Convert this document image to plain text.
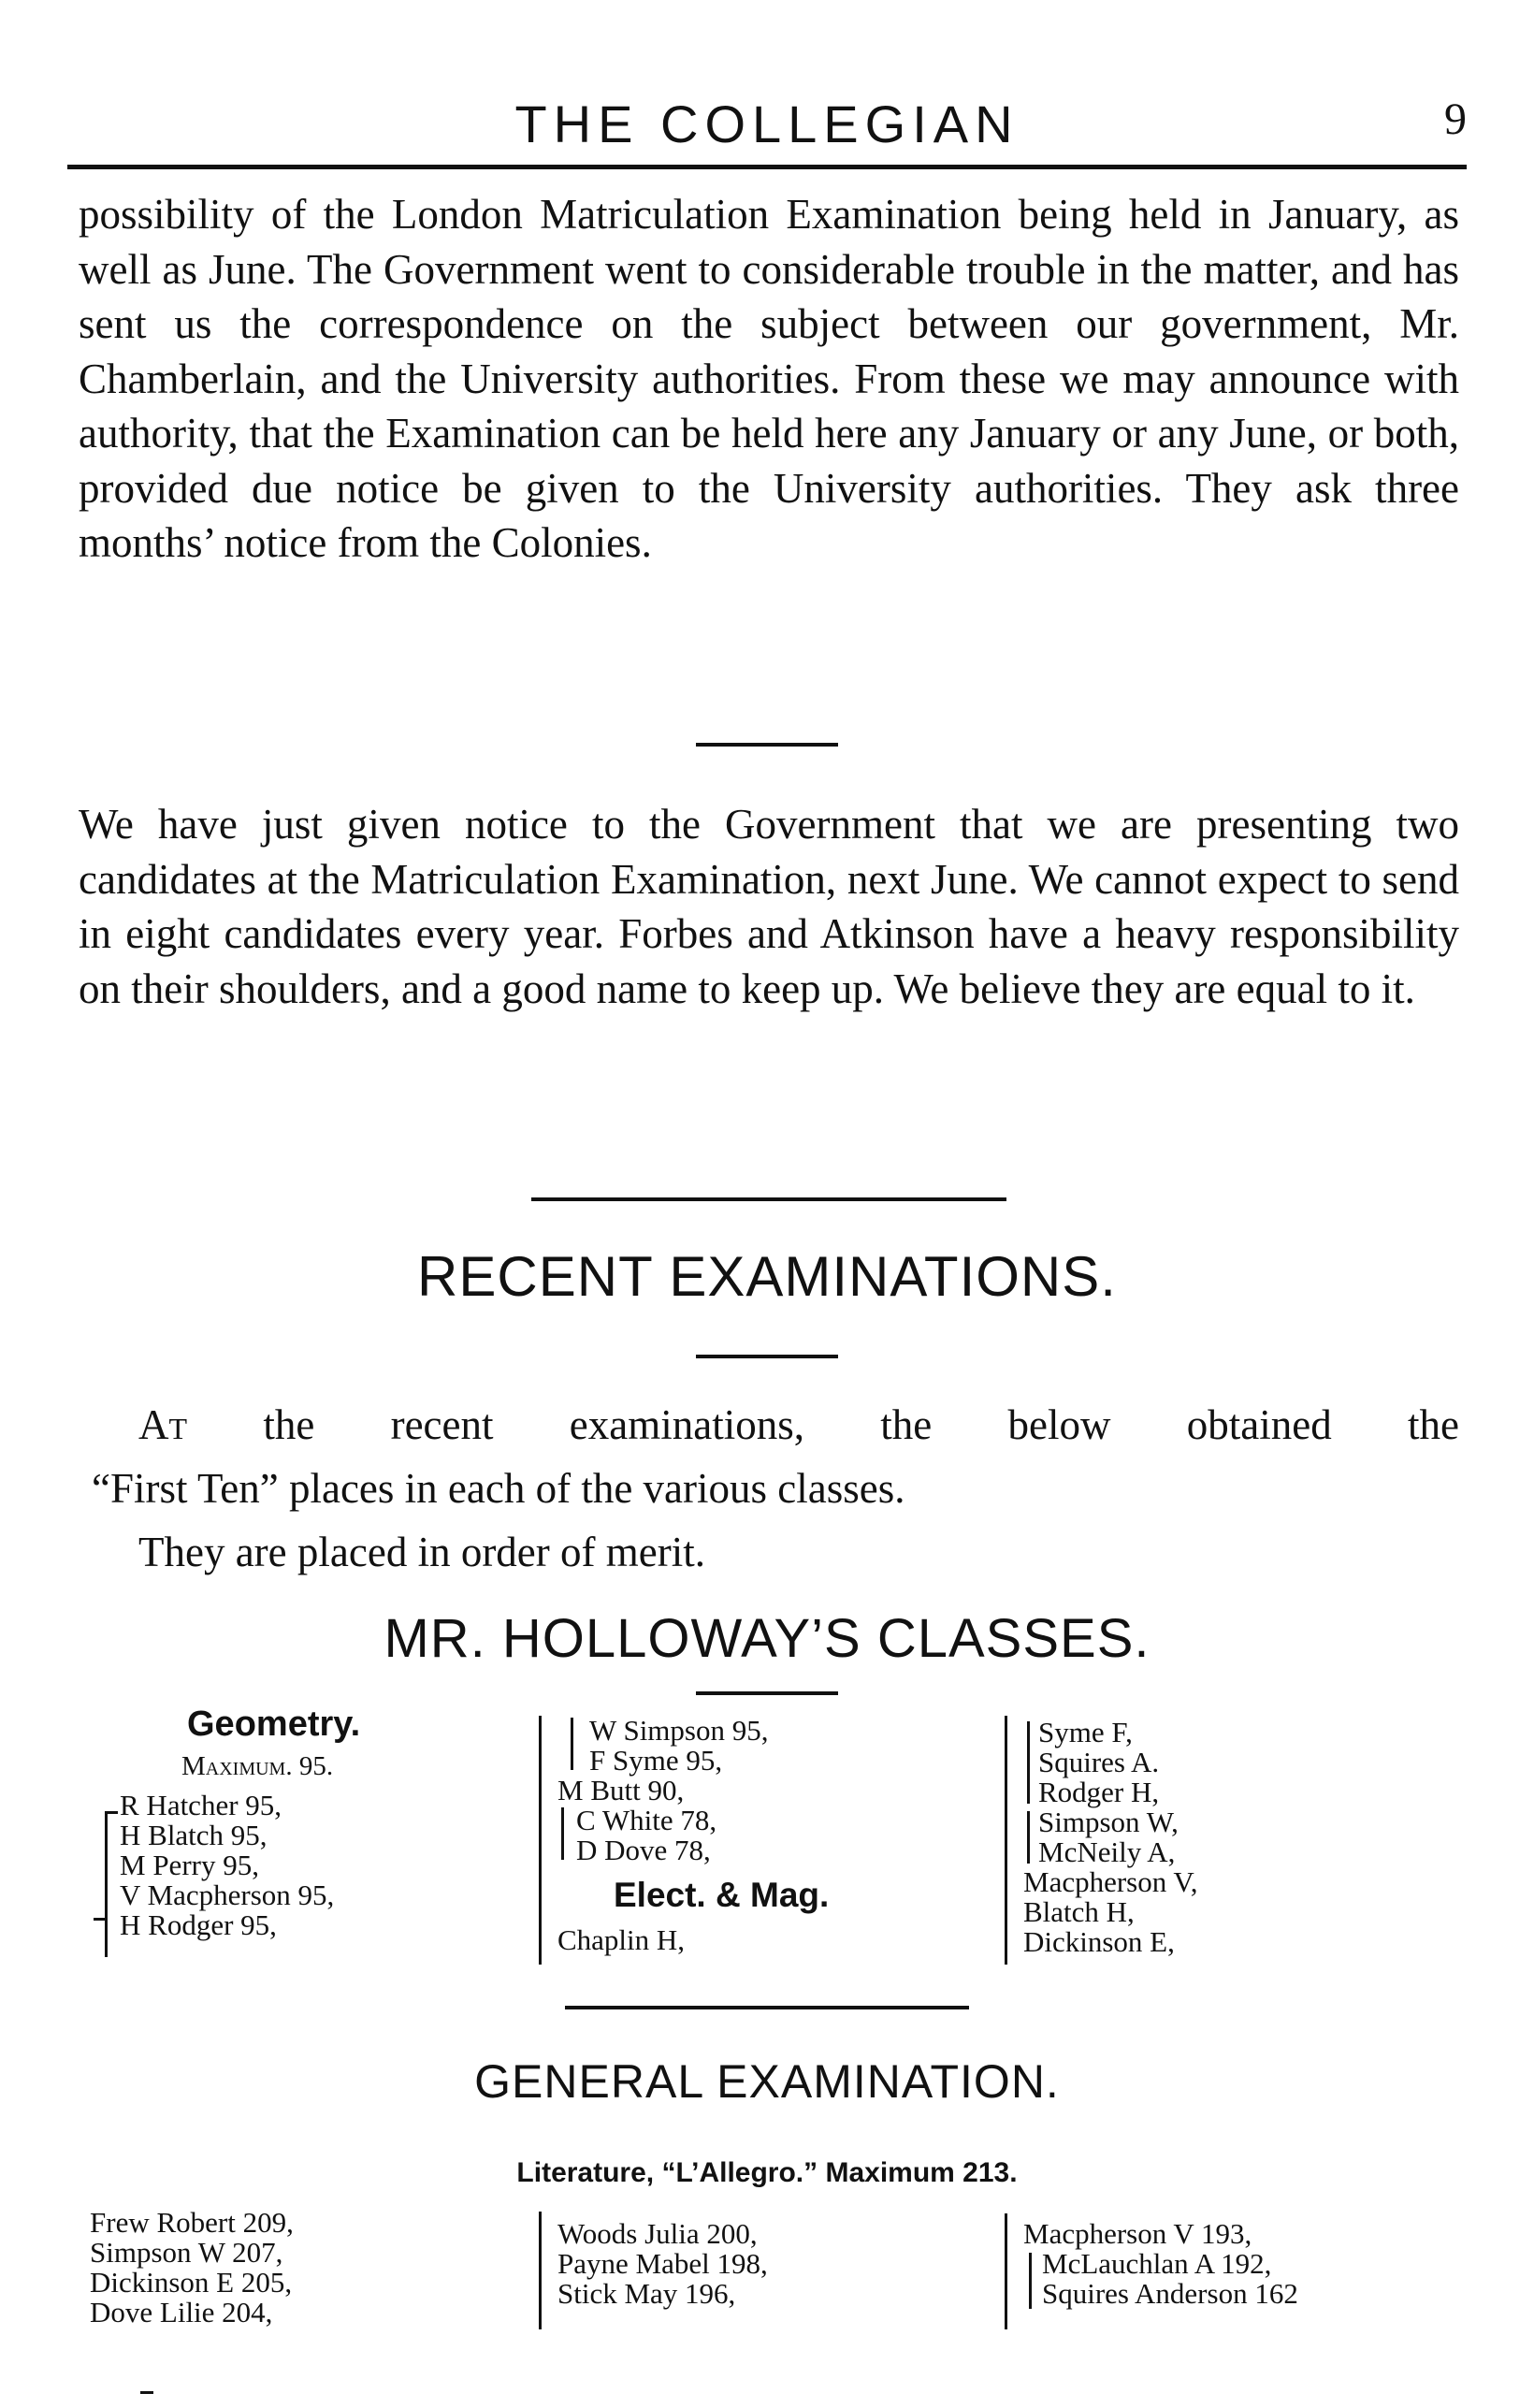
THE COLLEGIAN	9
possibility of the London Matriculation Examination being held in January, as well as June. The Government went to considerable trouble in the matter, and has sent us the correspondence on the subject between our government, Mr. Chamberlain, and the University authorities. From these we may announce with authority, that the Examination can be held here any January or any June, or both, provided due notice be given to the University authorities. They ask three months’ notice from the Colonies.
We have just given notice to the Government that we are presenting two candidates at the Matriculation Examination, next June. We cannot expect to send in eight candidates every year. Forbes and Atkinson have a heavy responsibility on their shoulders, and a good name to keep up. We believe they are equal to it.
RECENT EXAMINATIONS.
At the recent examinations, the below obtained the
“First Ten” places in each of the various classes.
They are placed in order of merit.
MR. HOLLOWAY’S CLASSES.
Geometry.
Maximum. 95.
R Hatcher 95,
H Blatch 95,
M Perry 95,
V Macpherson 95,
H Rodger 95,
W Simpson 95,
F Syme 95,
M Butt 90,
C White 78,
D Dove 78,
Elect. & Mag.
Chaplin H,
Syme F,
Squires A.
Rodger H,
Simpson W,
McNeily A,
Macpherson V,
Blatch H,
Dickinson E,
GENERAL EXAMINATION.
Literature, “L’Allegro.” Maximum 213.
Frew Robert 209,
Simpson W 207,
Dickinson E 205,
Dove Lilie 204,
Woods Julia 200,
Payne Mabel 198,
Stick May 196,
Macpherson V 193,
McLauchlan A 192,
Squires Anderson 162
